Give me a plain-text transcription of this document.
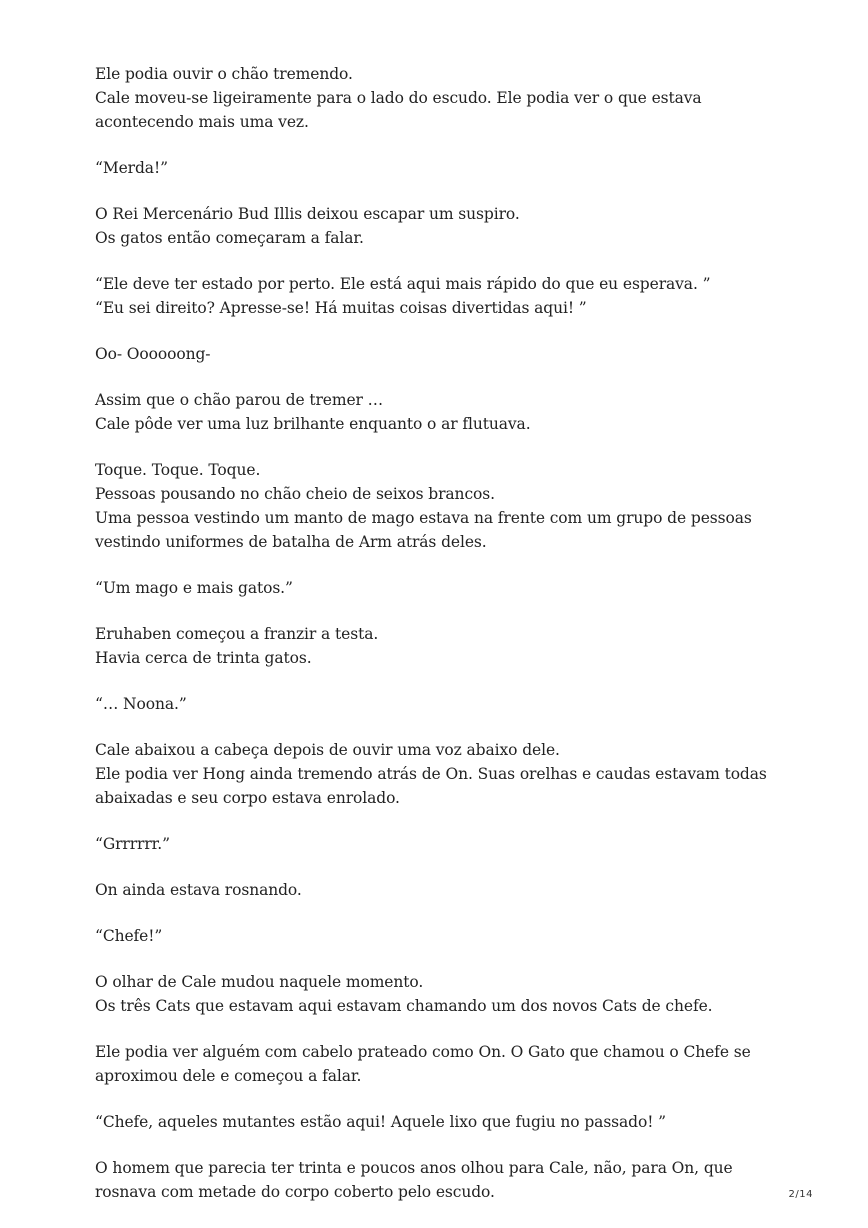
Ele podia ouvir o chão tremendo.
Cale moveu-se ligeiramente para o lado do escudo. Ele podia ver o que estava
acontecendo mais uma vez.

“Merda!”

O Rei Mercenário Bud Illis deixou escapar um suspiro.
Os gatos então começaram a falar.

“Ele deve ter estado por perto. Ele está aqui mais rápido do que eu esperava. ”
“Eu sei direito? Apresse-se! Há muitas coisas divertidas aqui! ”

Oo- Oooooong-

Assim que o chão parou de tremer …
Cale pôde ver uma luz brilhante enquanto o ar flutuava.

Toque. Toque. Toque.
Pessoas pousando no chão cheio de seixos brancos.
Uma pessoa vestindo um manto de mago estava na frente com um grupo de pessoas
vestindo uniformes de batalha de Arm atrás deles.

“Um mago e mais gatos.”

Eruhaben começou a franzir a testa.
Havia cerca de trinta gatos.

“… Noona.”

Cale abaixou a cabeça depois de ouvir uma voz abaixo dele.
Ele podia ver Hong ainda tremendo atrás de On. Suas orelhas e caudas estavam todas
abaixadas e seu corpo estava enrolado.

“Grrrrrr.”

On ainda estava rosnando.

“Chefe!”

O olhar de Cale mudou naquele momento.
Os três Cats que estavam aqui estavam chamando um dos novos Cats de chefe.

Ele podia ver alguém com cabelo prateado como On. O Gato que chamou o Chefe se
aproximou dele e começou a falar.

“Chefe, aqueles mutantes estão aqui! Aquele lixo que fugiu no passado! ”

O homem que parecia ter trinta e poucos anos olhou para Cale, não, para On, que
rosnava com metade do corpo coberto pelo escudo.	2/14
